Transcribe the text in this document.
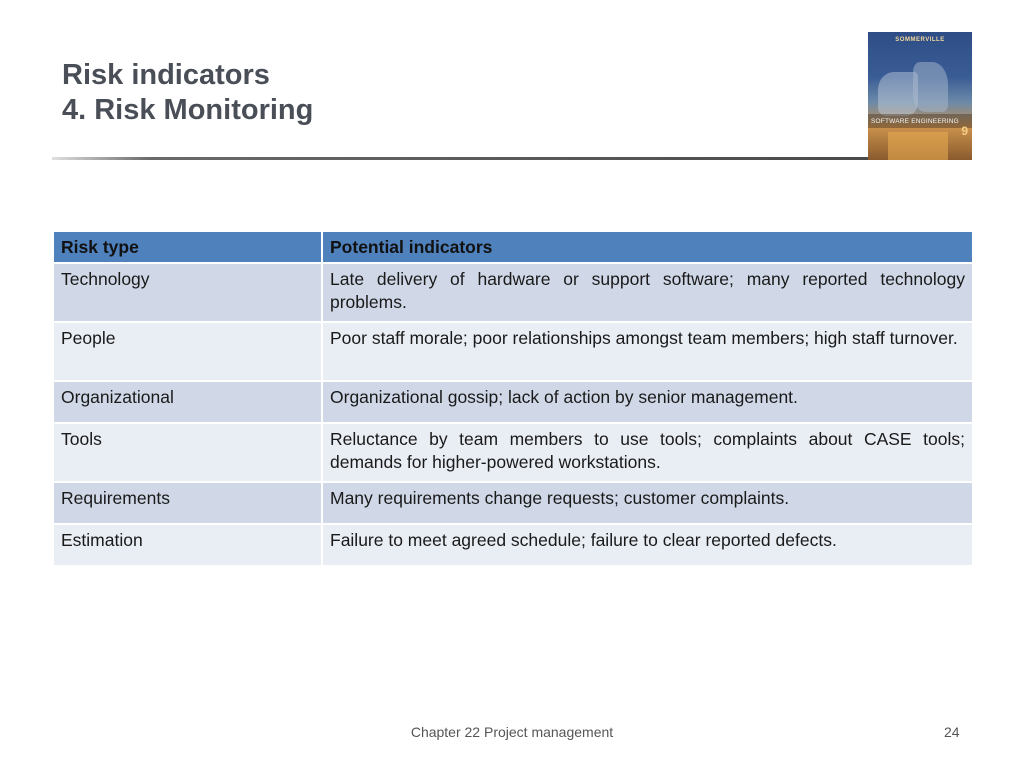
Risk indicators
4. Risk Monitoring
SOMMERVILLE
SOFTWARE ENGINEERING
9
Risk type	Potential indicators
Technology	Late delivery of hardware or support software; many reported technology problems.
People	Poor staff morale; poor relationships amongst team members; high staff turnover.
Organizational	Organizational gossip; lack of action by senior management.
Tools	Reluctance by team members to use tools; complaints about CASE tools; demands for higher-powered workstations.
Requirements	Many requirements change requests; customer complaints.
Estimation	Failure to meet agreed schedule; failure to clear reported defects.
Chapter 22 Project management	24
